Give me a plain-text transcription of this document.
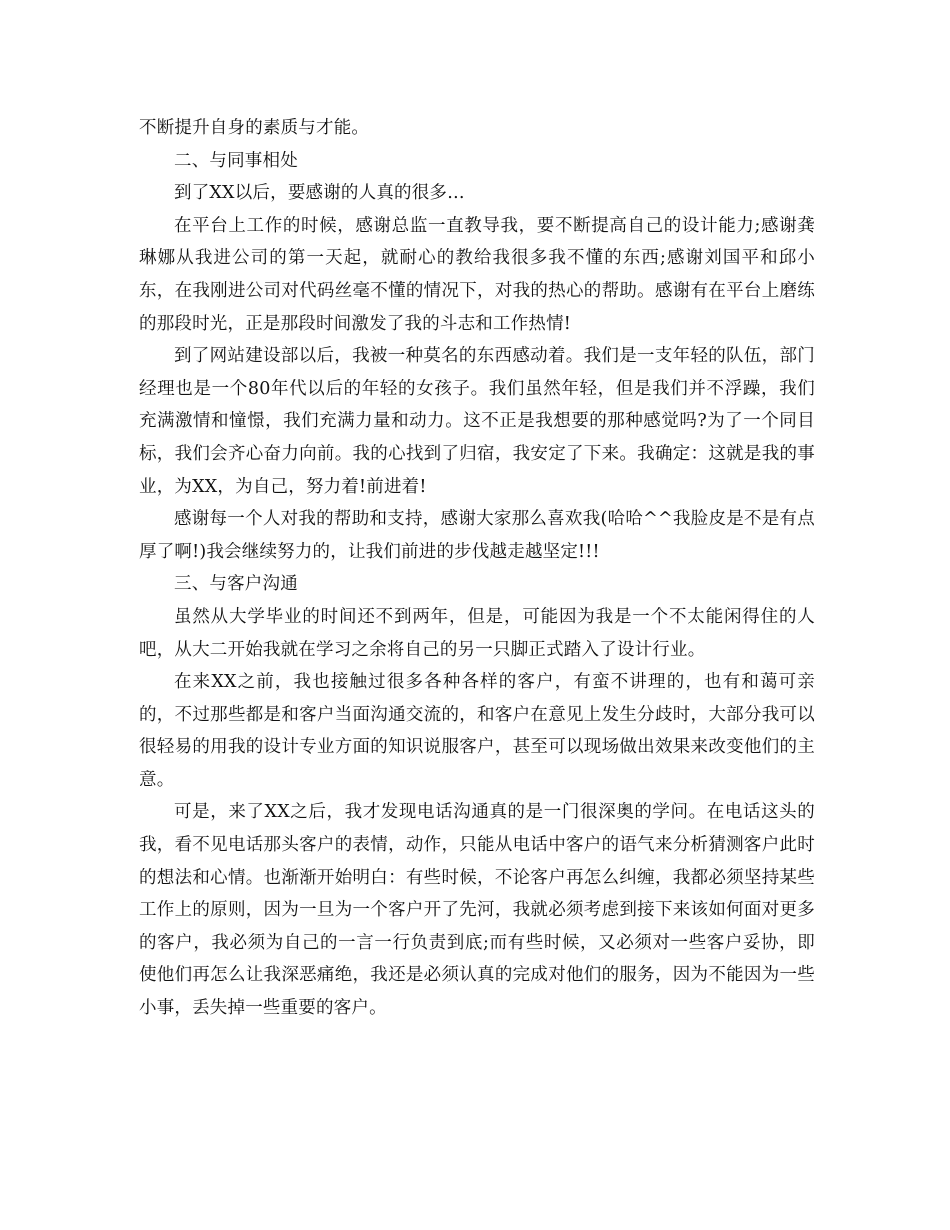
不断提升自身的素质与才能。

二、与同事相处

到了XX以后，要感谢的人真的很多…

在平台上工作的时候，感谢总监一直教导我，要不断提高自己的设计能力;感谢龚琳娜从我进公司的第一天起，就耐心的教给我很多我不懂的东西;感谢刘国平和邱小东，在我刚进公司对代码丝毫不懂的情况下，对我的热心的帮助。感谢有在平台上磨练的那段时光，正是那段时间激发了我的斗志和工作热情!

到了网站建设部以后，我被一种莫名的东西感动着。我们是一支年轻的队伍，部门经理也是一个80年代以后的年轻的女孩子。我们虽然年轻，但是我们并不浮躁，我们充满激情和憧憬，我们充满力量和动力。这不正是我想要的那种感觉吗?为了一个同目标，我们会齐心奋力向前。我的心找到了归宿，我安定了下来。我确定：这就是我的事业，为XX，为自己，努力着!前进着!

感谢每一个人对我的帮助和支持，感谢大家那么喜欢我(哈哈^^我脸皮是不是有点厚了啊!)我会继续努力的，让我们前进的步伐越走越坚定!!!

三、与客户沟通

虽然从大学毕业的时间还不到两年，但是，可能因为我是一个不太能闲得住的人吧，从大二开始我就在学习之余将自己的另一只脚正式踏入了设计行业。

在来XX之前，我也接触过很多各种各样的客户，有蛮不讲理的，也有和蔼可亲的，不过那些都是和客户当面沟通交流的，和客户在意见上发生分歧时，大部分我可以很轻易的用我的设计专业方面的知识说服客户，甚至可以现场做出效果来改变他们的主意。

可是，来了XX之后，我才发现电话沟通真的是一门很深奥的学问。在电话这头的我，看不见电话那头客户的表情，动作，只能从电话中客户的语气来分析猜测客户此时的想法和心情。也渐渐开始明白：有些时候，不论客户再怎么纠缠，我都必须坚持某些工作上的原则，因为一旦为一个客户开了先河，我就必须考虑到接下来该如何面对更多的客户，我必须为自己的一言一行负责到底;而有些时候，又必须对一些客户妥协，即使他们再怎么让我深恶痛绝，我还是必须认真的完成对他们的服务，因为不能因为一些小事，丢失掉一些重要的客户。
